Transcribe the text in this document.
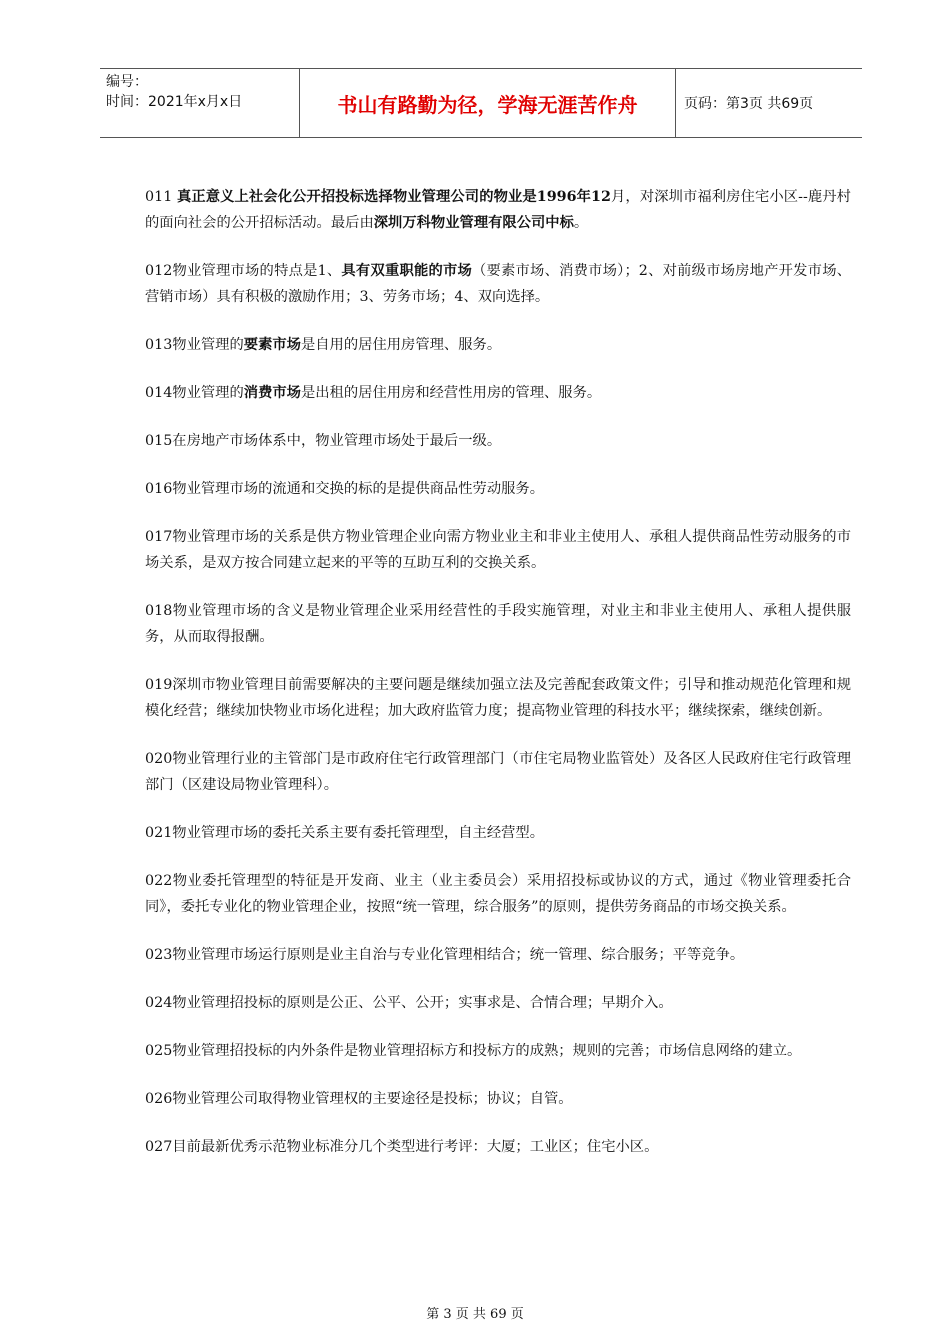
编号：
时间：2021年x月x日	书山有路勤为径，学海无涯苦作舟	页码：第3页 共69页

011 真正意义上社会化公开招投标选择物业管理公司的物业是1996年12月，对深圳市福利房住宅小区--鹿丹村的面向社会的公开招标活动。最后由深圳万科物业管理有限公司中标。

012物业管理市场的特点是1、具有双重职能的市场（要素市场、消费市场）；2、对前级市场房地产开发市场、营销市场）具有积极的激励作用；3、劳务市场；4、双向选择。

013物业管理的要素市场是自用的居住用房管理、服务。

014物业管理的消费市场是出租的居住用房和经营性用房的管理、服务。

015在房地产市场体系中，物业管理市场处于最后一级。

016物业管理市场的流通和交换的标的是提供商品性劳动服务。

017物业管理市场的关系是供方物业管理企业向需方物业业主和非业主使用人、承租人提供商品性劳动服务的市场关系，是双方按合同建立起来的平等的互助互利的交换关系。

018物业管理市场的含义是物业管理企业采用经营性的手段实施管理，对业主和非业主使用人、承租人提供服务，从而取得报酬。

019深圳市物业管理目前需要解决的主要问题是继续加强立法及完善配套政策文件；引导和推动规范化管理和规模化经营；继续加快物业市场化进程；加大政府监管力度；提高物业管理的科技水平；继续探索，继续创新。

020物业管理行业的主管部门是市政府住宅行政管理部门（市住宅局物业监管处）及各区人民政府住宅行政管理部门（区建设局物业管理科）。

021物业管理市场的委托关系主要有委托管理型，自主经营型。

022物业委托管理型的特征是开发商、业主（业主委员会）采用招投标或协议的方式，通过《物业管理委托合同》，委托专业化的物业管理企业，按照“统一管理，综合服务”的原则，提供劳务商品的市场交换关系。

023物业管理市场运行原则是业主自治与专业化管理相结合；统一管理、综合服务；平等竞争。

024物业管理招投标的原则是公正、公平、公开；实事求是、合情合理；早期介入。

025物业管理招投标的内外条件是物业管理招标方和投标方的成熟；规则的完善；市场信息网络的建立。

026物业管理公司取得物业管理权的主要途径是投标；协议；自管。

027目前最新优秀示范物业标准分几个类型进行考评：大厦；工业区；住宅小区。

第 3 页 共 69 页
